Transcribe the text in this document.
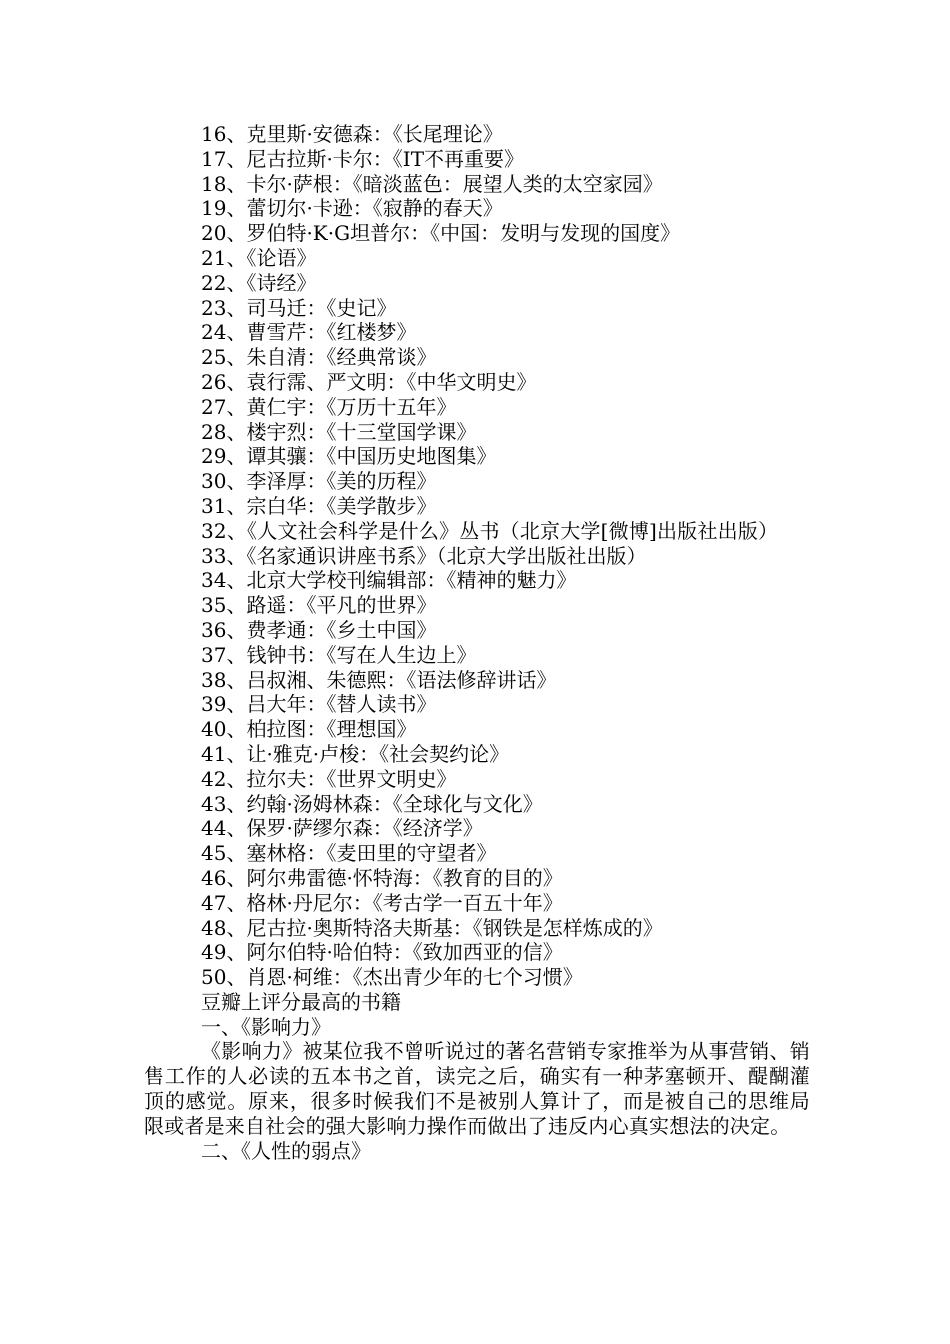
16、克里斯·安德森：《长尾理论》
17、尼古拉斯·卡尔：《IT不再重要》
18、卡尔·萨根：《暗淡蓝色：展望人类的太空家园》
19、蕾切尔·卡逊：《寂静的春天》
20、罗伯特·K·G坦普尔：《中国：发明与发现的国度》
21、《论语》
22、《诗经》
23、司马迁：《史记》
24、曹雪芹：《红楼梦》
25、朱自清：《经典常谈》
26、袁行霈、严文明：《中华文明史》
27、黄仁宇：《万历十五年》
28、楼宇烈：《十三堂国学课》
29、谭其骧：《中国历史地图集》
30、李泽厚：《美的历程》
31、宗白华：《美学散步》
32、《人文社会科学是什么》丛书（北京大学[微博]出版社出版）
33、《名家通识讲座书系》（北京大学出版社出版）
34、北京大学校刊编辑部：《精神的魅力》
35、路遥：《平凡的世界》
36、费孝通：《乡土中国》
37、钱钟书：《写在人生边上》
38、吕叔湘、朱德熙：《语法修辞讲话》
39、吕大年：《替人读书》
40、柏拉图：《理想国》
41、让·雅克·卢梭：《社会契约论》
42、拉尔夫：《世界文明史》
43、约翰·汤姆林森：《全球化与文化》
44、保罗·萨缪尔森：《经济学》
45、塞林格：《麦田里的守望者》
46、阿尔弗雷德·怀特海：《教育的目的》
47、格林·丹尼尔：《考古学一百五十年》
48、尼古拉·奥斯特洛夫斯基：《钢铁是怎样炼成的》
49、阿尔伯特·哈伯特：《致加西亚的信》
50、肖恩·柯维：《杰出青少年的七个习惯》
豆瓣上评分最高的书籍
一、《影响力》
《影响力》被某位我不曾听说过的著名营销专家推举为从事营销、销售工作的人必读的五本书之首，读完之后，确实有一种茅塞顿开、醍醐灌顶的感觉。原来，很多时候我们不是被别人算计了，而是被自己的思维局限或者是来自社会的强大影响力操作而做出了违反内心真实想法的决定。
二、《人性的弱点》
